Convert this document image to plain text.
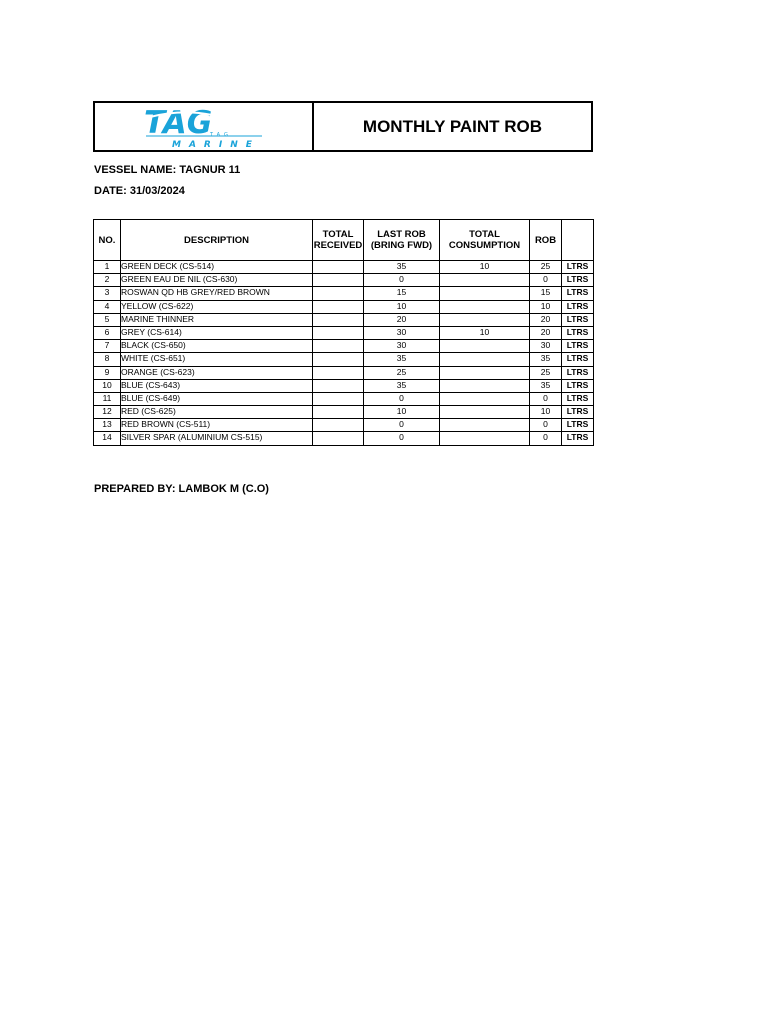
TAG
TAG
MARINE
MONTHLY PAINT ROB
VESSEL NAME: TAGNUR 11
DATE: 31/03/2024
NO.	DESCRIPTION	TOTAL RECEIVED	LAST ROB (BRING FWD)	TOTAL CONSUMPTION	ROB	
1	GREEN DECK (CS-514)		35	10	25	LTRS
2	GREEN EAU DE NIL (CS-630)		0		0	LTRS
3	ROSWAN QD HB GREY/RED BROWN		15		15	LTRS
4	YELLOW (CS-622)		10		10	LTRS
5	MARINE THINNER		20		20	LTRS
6	GREY (CS-614)		30	10	20	LTRS
7	BLACK (CS-650)		30		30	LTRS
8	WHITE (CS-651)		35		35	LTRS
9	ORANGE (CS-623)		25		25	LTRS
10	BLUE (CS-643)		35		35	LTRS
11	BLUE (CS-649)		0		0	LTRS
12	RED (CS-625)		10		10	LTRS
13	RED BROWN (CS-511)		0		0	LTRS
14	SILVER SPAR (ALUMINIUM CS-515)		0		0	LTRS
PREPARED BY: LAMBOK M (C.O)
